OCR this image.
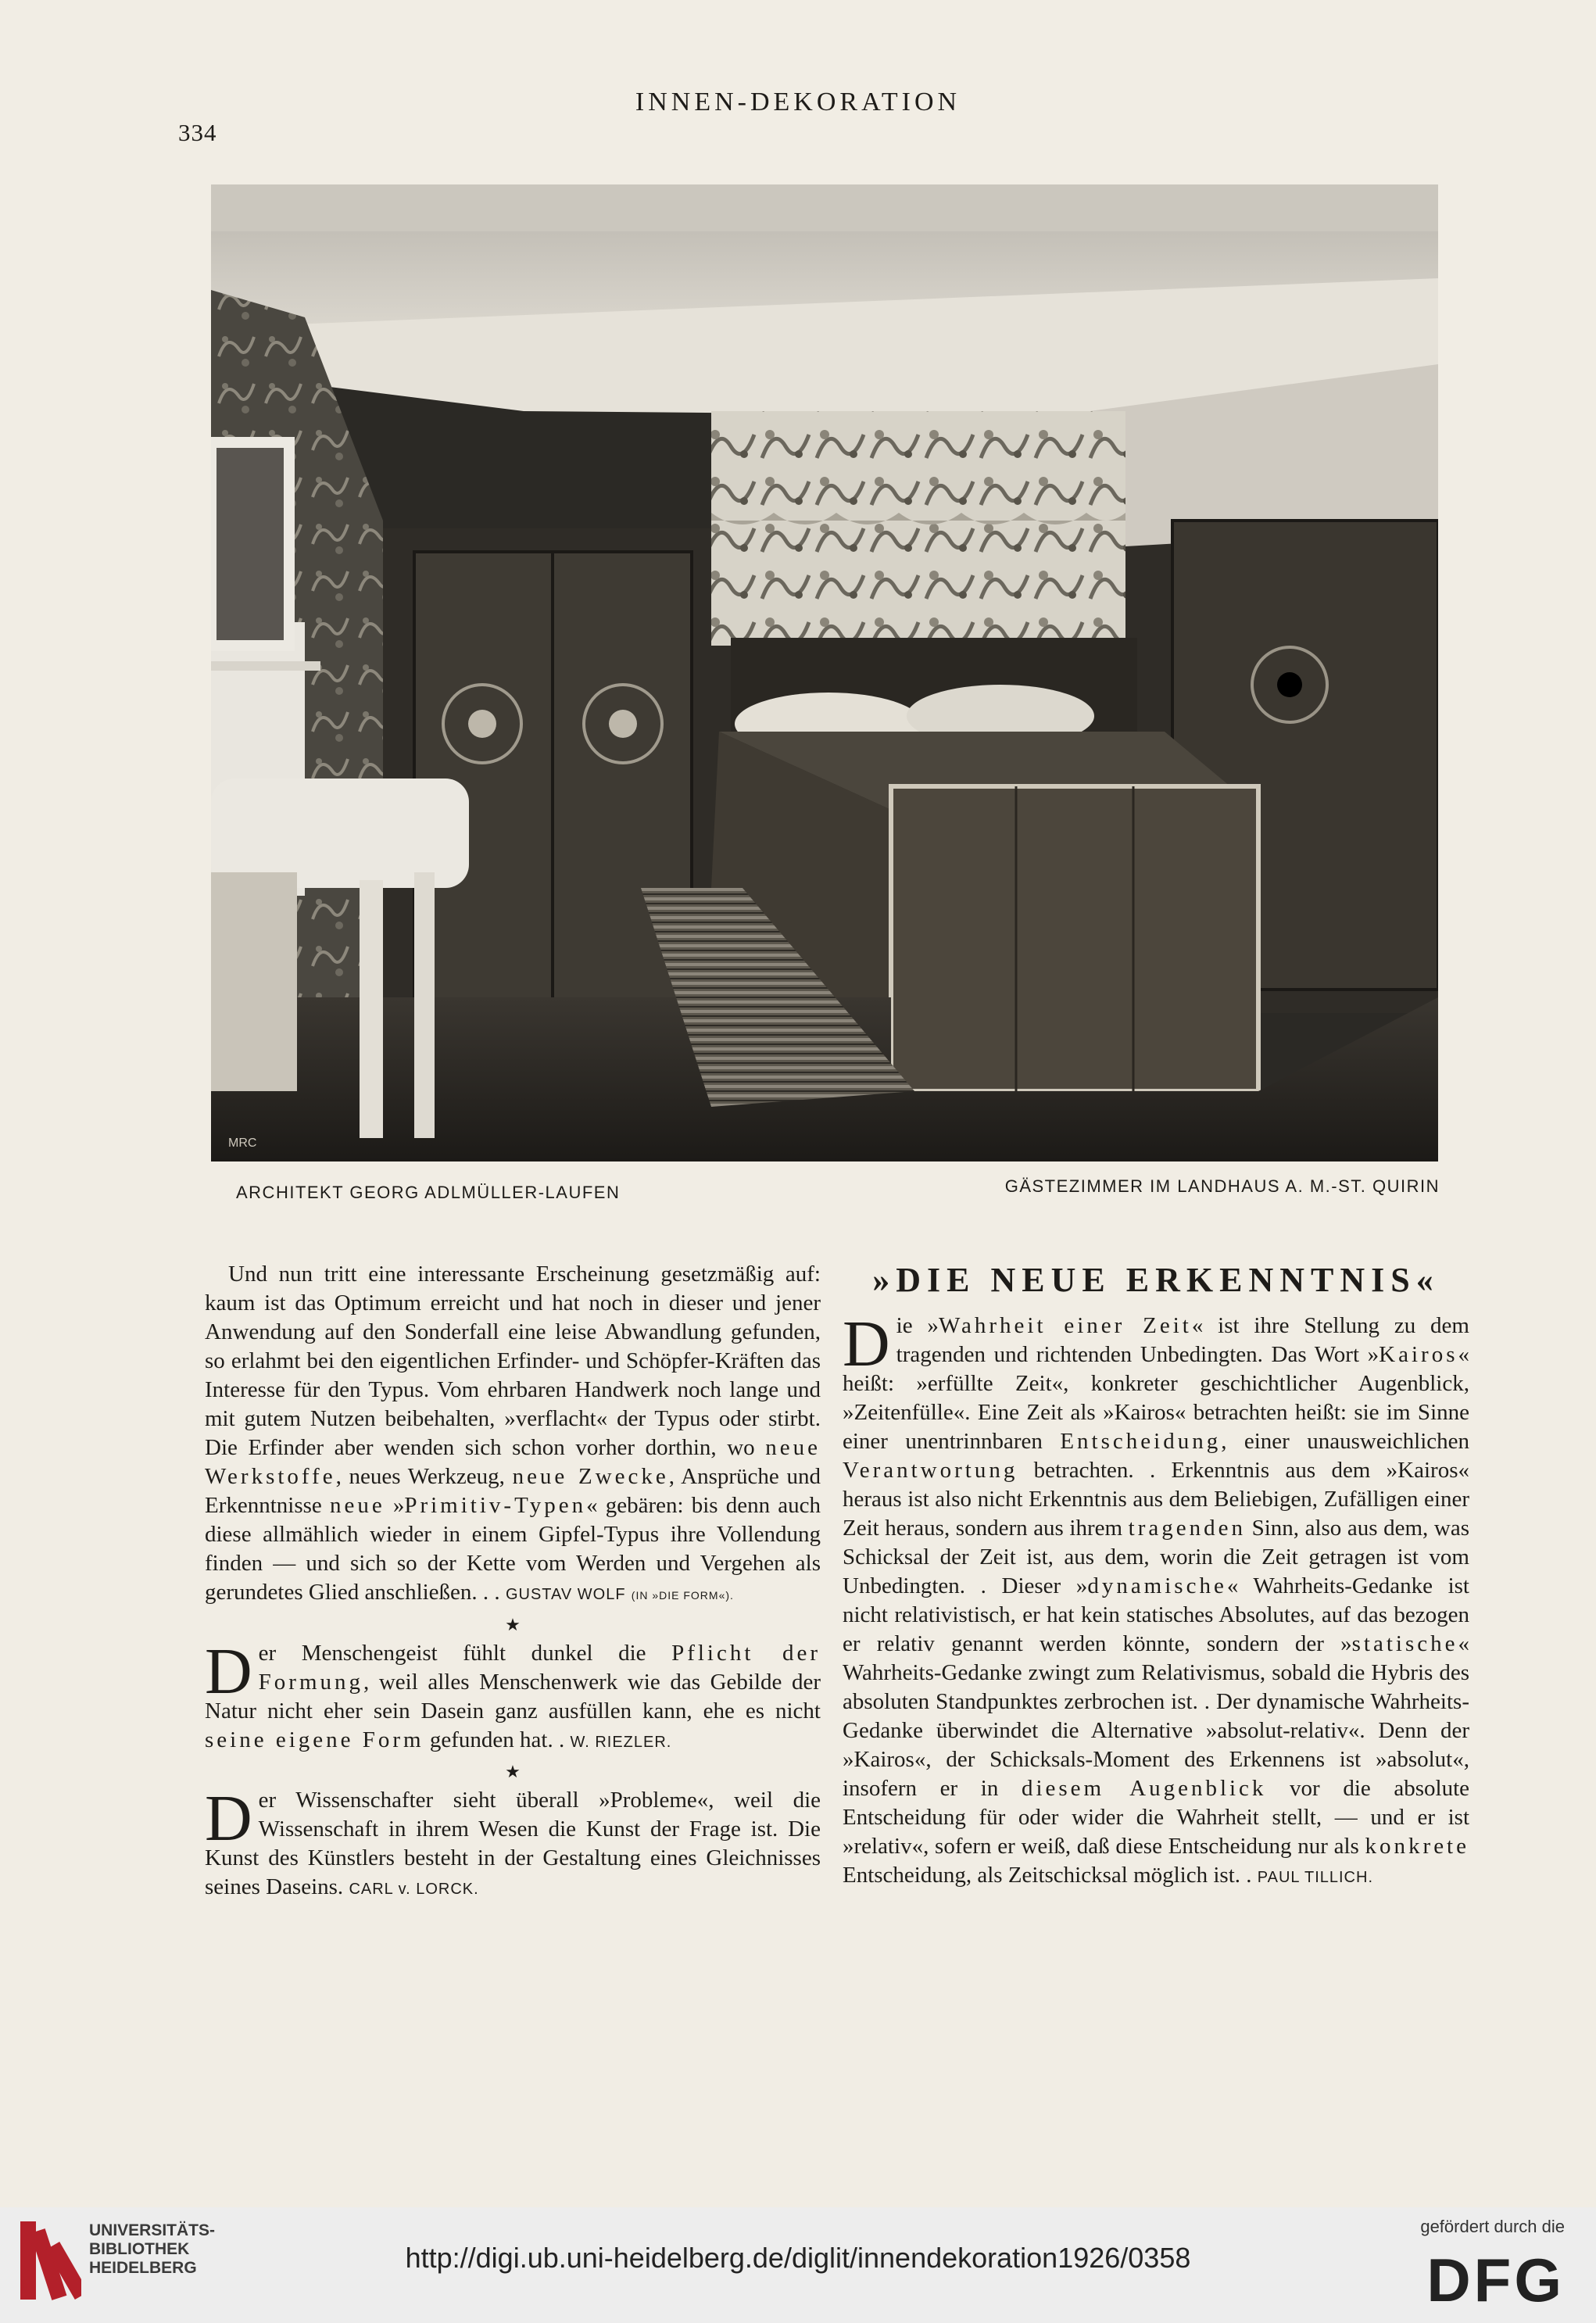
334
INNEN-DEKORATION
MRC
ARCHITEKT GEORG ADLMÜLLER-LAUFEN	GÄSTEZIMMER IM LANDHAUS A. M.-ST. QUIRIN

Und nun tritt eine interessante Erscheinung gesetzmäßig auf: kaum ist das Optimum erreicht und hat noch in dieser und jener Anwendung auf den Sonderfall eine leise Abwandlung gefunden, so erlahmt bei den eigentlichen Erfinder- und Schöpfer-Kräften das Interesse für den Typus. Vom ehrbaren Handwerk noch lange und mit gutem Nutzen beibehalten, »verflacht« der Typus oder stirbt. Die Erfinder aber wenden sich schon vorher dorthin, wo neue Werkstoffe, neues Werkzeug, neue Zwecke, Ansprüche und Erkenntnisse neue »Primitiv-Typen« gebären: bis denn auch diese allmählich wieder in einem Gipfel-Typus ihre Vollendung finden — und sich so der Kette vom Werden und Vergehen als gerundetes Glied anschließen. . . GUSTAV WOLF (IN »DIE FORM«).

★

Der Menschengeist fühlt dunkel die Pflicht der Formung, weil alles Menschenwerk wie das Gebilde der Natur nicht eher sein Dasein ganz ausfüllen kann, ehe es nicht seine eigene Form gefunden hat. . W. RIEZLER.

★

Der Wissenschafter sieht überall »Probleme«, weil die Wissenschaft in ihrem Wesen die Kunst der Frage ist. Die Kunst des Künstlers besteht in der Gestaltung eines Gleichnisses seines Daseins. CARL v. LORCK.

»DIE NEUE ERKENNTNIS«

Die »Wahrheit einer Zeit« ist ihre Stellung zu dem tragenden und richtenden Unbedingten. Das Wort »Kairos« heißt: »erfüllte Zeit«, konkreter geschichtlicher Augenblick, »Zeitenfülle«. Eine Zeit als »Kairos« betrachten heißt: sie im Sinne einer unentrinnbaren Entscheidung, einer unausweichlichen Verantwortung betrachten. . Erkenntnis aus dem »Kairos« heraus ist also nicht Erkenntnis aus dem Beliebigen, Zufälligen einer Zeit heraus, sondern aus ihrem tragenden Sinn, also aus dem, was Schicksal der Zeit ist, aus dem, worin die Zeit getragen ist vom Unbedingten. . Dieser »dynamische« Wahrheits-Gedanke ist nicht relativistisch, er hat kein statisches Absolutes, auf das bezogen er relativ genannt werden könnte, sondern der »statische« Wahrheits-Gedanke zwingt zum Relativismus, sobald die Hybris des absoluten Standpunktes zerbrochen ist. . Der dynamische Wahrheits-Gedanke überwindet die Alternative »absolut-relativ«. Denn der »Kairos«, der Schicksals-Moment des Erkennens ist »absolut«, insofern er in diesem Augenblick vor die absolute Entscheidung für oder wider die Wahrheit stellt, — und er ist »relativ«, sofern er weiß, daß diese Entscheidung nur als konkrete Entscheidung, als Zeitschicksal möglich ist. . PAUL TILLICH.

UNIVERSITÄTS-
BIBLIOTHEK
HEIDELBERG	http://digi.ub.uni-heidelberg.de/diglit/innendekoration1926/0358
gefördert durch die
DFG
